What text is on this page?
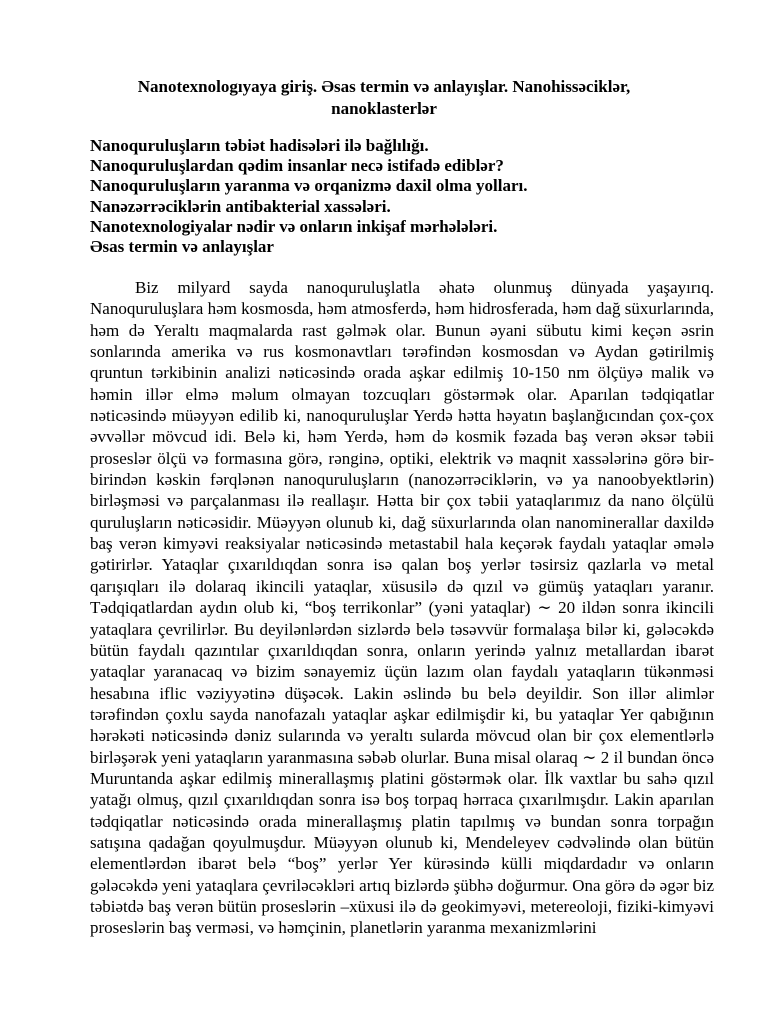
Nanotexnologıyaya giriş. Əsas termin və anlayışlar. Nanohissəciklər, nanoklasterlər
Nanoquruluşların təbiət hadisələri ilə bağlılığı.
Nanoquruluşlardan qədim insanlar necə istifadə ediblər?
Nanoquruluşların yaranma və orqanizmə daxil olma yolları.
Nanəzərrəciklərin antibakterial xassələri.
Nanotexnologiyalar nədir və onların inkişaf mərhələləri.
Əsas termin və anlayışlar

Biz milyard sayda nanoquruluşlatla əhatə olunmuş dünyada yaşayırıq. Nanoquruluşlara həm kosmosda, həm atmosferdə, həm hidrosferada, həm dağ süxurlarında, həm də Yeraltı maqmalarda rast gəlmək olar. Bunun əyani sübutu kimi keçən əsrin sonlarında amerika və rus kosmonavtları tərəfindən kosmosdan və Aydan gətirilmiş qruntun tərkibinin analizi nəticəsində orada aşkar edilmiş 10-150 nm ölçüyə malik və həmin illər elmə məlum olmayan tozcuqları göstərmək olar. Aparılan tədqiqatlar nəticəsində müəyyən edilib ki, nanoquruluşlar Yerdə hətta həyatın başlanğıcından çox-çox əvvəllər mövcud idi. Belə ki, həm Yerdə, həm də kosmik fəzada baş verən əksər təbii proseslər ölçü və formasına görə, rənginə, optiki, elektrik və maqnit xassələrinə görə bir-birindən kəskin fərqlənən nanoquruluşların (nanozərrəciklərin, və ya nanoobyektlərin) birləşməsi və parçalanması ilə reallaşır. Hətta bir çox təbii yataqlarımız da nano ölçülü quruluşların nəticəsidir. Müəyyən olunub ki, dağ süxurlarında olan nanominerallar daxildə baş verən kimyəvi reaksiyalar nəticəsində metastabil hala keçərək faydalı yataqlar əmələ gətirirlər. Yataqlar çıxarıldıqdan sonra isə qalan boş yerlər təsirsiz qazlarla və metal qarışıqları ilə dolaraq ikincili yataqlar, xüsusilə də qızıl və gümüş yataqları yaranır. Tədqiqatlardan aydın olub ki, “boş terrikonlar” (yəni yataqlar) ∼ 20 ildən sonra ikincili yataqlara çevrilirlər. Bu deyilənlərdən sizlərdə belə təsəvvür formalaşa bilər ki, gələcəkdə bütün faydalı qazıntılar çıxarıldıqdan sonra, onların yerində yalnız metallardan ibarət yataqlar yaranacaq və bizim sənayemiz üçün lazım olan faydalı yataqların tükənməsi hesabına iflic vəziyyətinə düşəcək. Lakin əslində bu belə deyildir. Son illər alimlər tərəfindən çoxlu sayda nanofazalı yataqlar aşkar edilmişdir ki, bu yataqlar Yer qabığının hərəkəti nəticəsində dəniz sularında və yeraltı sularda mövcud olan bir çox elementlərlə birləşərək yeni yataqların yaranmasına səbəb olurlar. Buna misal olaraq ∼ 2 il bundan öncə Muruntanda aşkar edilmiş minerallaşmış platini göstərmək olar. İlk vaxtlar bu sahə qızıl yatağı olmuş, qızıl çıxarıldıqdan sonra isə boş torpaq hərraca çıxarılmışdır. Lakin aparılan tədqiqatlar nəticəsində orada minerallaşmış platin tapılmış və bundan sonra torpağın satışına qadağan qoyulmuşdur. Müəyyən olunub ki, Mendeleyev cədvəlində olan bütün elementlərdən ibarət belə “boş” yerlər Yer kürəsində külli miqdardadır və onların gələcəkdə yeni yataqlara çevriləcəkləri artıq bizlərdə şübhə doğurmur. Ona görə də əgər biz təbiətdə baş verən bütün proseslərin –xüxusi ilə də geokimyəvi, metereoloji, fiziki-kimyəvi proseslərin baş verməsi, və həmçinin, planetlərin yaranma mexanizmlərini
